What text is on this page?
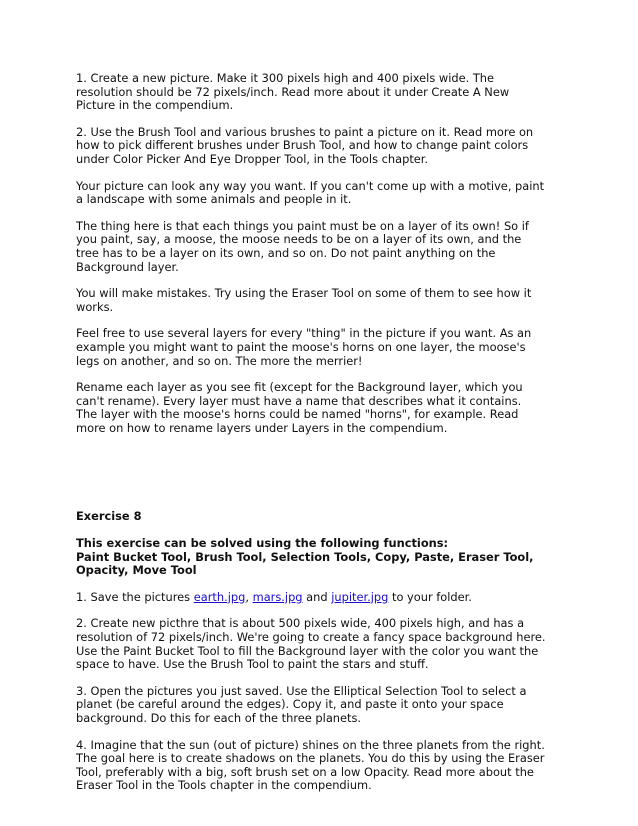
1. Create a new picture. Make it 300 pixels high and 400 pixels wide. The resolution should be 72 pixels/inch. Read more about it under Create A New Picture in the compendium.

2. Use the Brush Tool and various brushes to paint a picture on it. Read more on how to pick different brushes under Brush Tool, and how to change paint colors under Color Picker And Eye Dropper Tool, in the Tools chapter.

Your picture can look any way you want. If you can't come up with a motive, paint a landscape with some animals and people in it.

The thing here is that each things you paint must be on a layer of its own! So if you paint, say, a moose, the moose needs to be on a layer of its own, and the tree has to be a layer on its own, and so on. Do not paint anything on the Background layer.

You will make mistakes. Try using the Eraser Tool on some of them to see how it works.

Feel free to use several layers for every "thing" in the picture if you want. As an example you might want to paint the moose's horns on one layer, the moose's legs on another, and so on. The more the merrier!

Rename each layer as you see fit (except for the Background layer, which you can't rename). Every layer must have a name that describes what it contains. The layer with the moose's horns could be named "horns", for example. Read more on how to rename layers under Layers in the compendium.

Exercise 8

This exercise can be solved using the following functions:
Paint Bucket Tool, Brush Tool, Selection Tools, Copy, Paste, Eraser Tool, Opacity, Move Tool

1. Save the pictures earth.jpg, mars.jpg and jupiter.jpg to your folder.

2. Create new picthre that is about 500 pixels wide, 400 pixels high, and has a resolution of 72 pixels/inch. We're going to create a fancy space background here. Use the Paint Bucket Tool to fill the Background layer with the color you want the space to have. Use the Brush Tool to paint the stars and stuff.

3. Open the pictures you just saved. Use the Elliptical Selection Tool to select a planet (be careful around the edges). Copy it, and paste it onto your space background. Do this for each of the three planets.

4. Imagine that the sun (out of picture) shines on the three planets from the right. The goal here is to create shadows on the planets. You do this by using the Eraser Tool, preferably with a big, soft brush set on a low Opacity. Read more about the Eraser Tool in the Tools chapter in the compendium.
